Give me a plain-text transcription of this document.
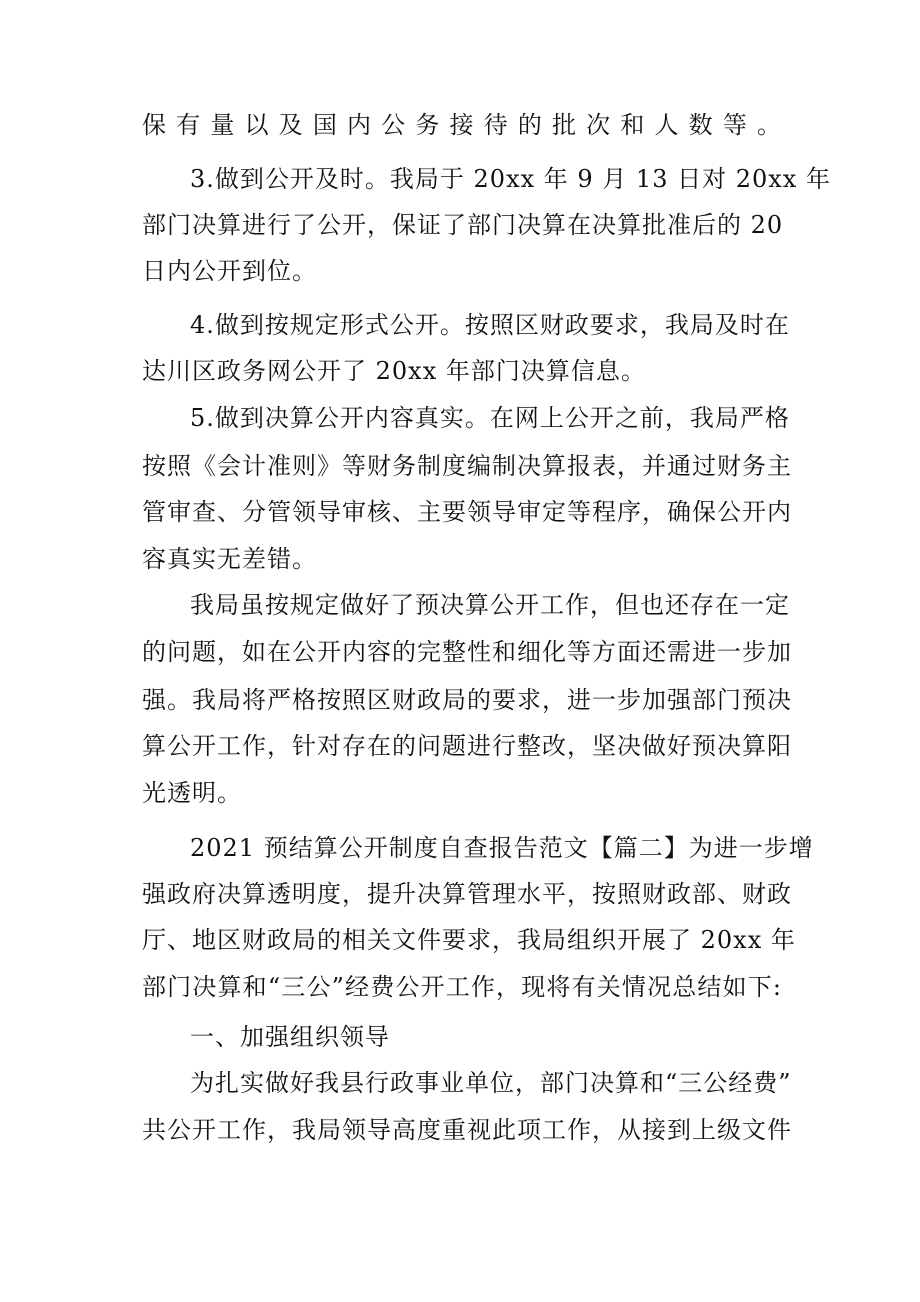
保有量以及国内公务接待的批次和人数等。
3.做到公开及时。我局于 20xx 年 9 月 13 日对 20xx 年
部门决算进行了公开，保证了部门决算在决算批准后的 20
日内公开到位。
4.做到按规定形式公开。按照区财政要求，我局及时在
达川区政务网公开了 20xx 年部门决算信息。
5.做到决算公开内容真实。在网上公开之前，我局严格
按照《会计准则》等财务制度编制决算报表，并通过财务主
管审查、分管领导审核、主要领导审定等程序，确保公开内
容真实无差错。
我局虽按规定做好了预决算公开工作，但也还存在一定
的问题，如在公开内容的完整性和细化等方面还需进一步加
强。我局将严格按照区财政局的要求，进一步加强部门预决
算公开工作，针对存在的问题进行整改，坚决做好预决算阳
光透明。
2021 预结算公开制度自查报告范文【篇二】为进一步增
强政府决算透明度，提升决算管理水平，按照财政部、财政
厅、地区财政局的相关文件要求，我局组织开展了 20xx 年
部门决算和“三公”经费公开工作，现将有关情况总结如下:
一、加强组织领导
为扎实做好我县行政事业单位，部门决算和“三公经费”
共公开工作，我局领导高度重视此项工作，从接到上级文件
